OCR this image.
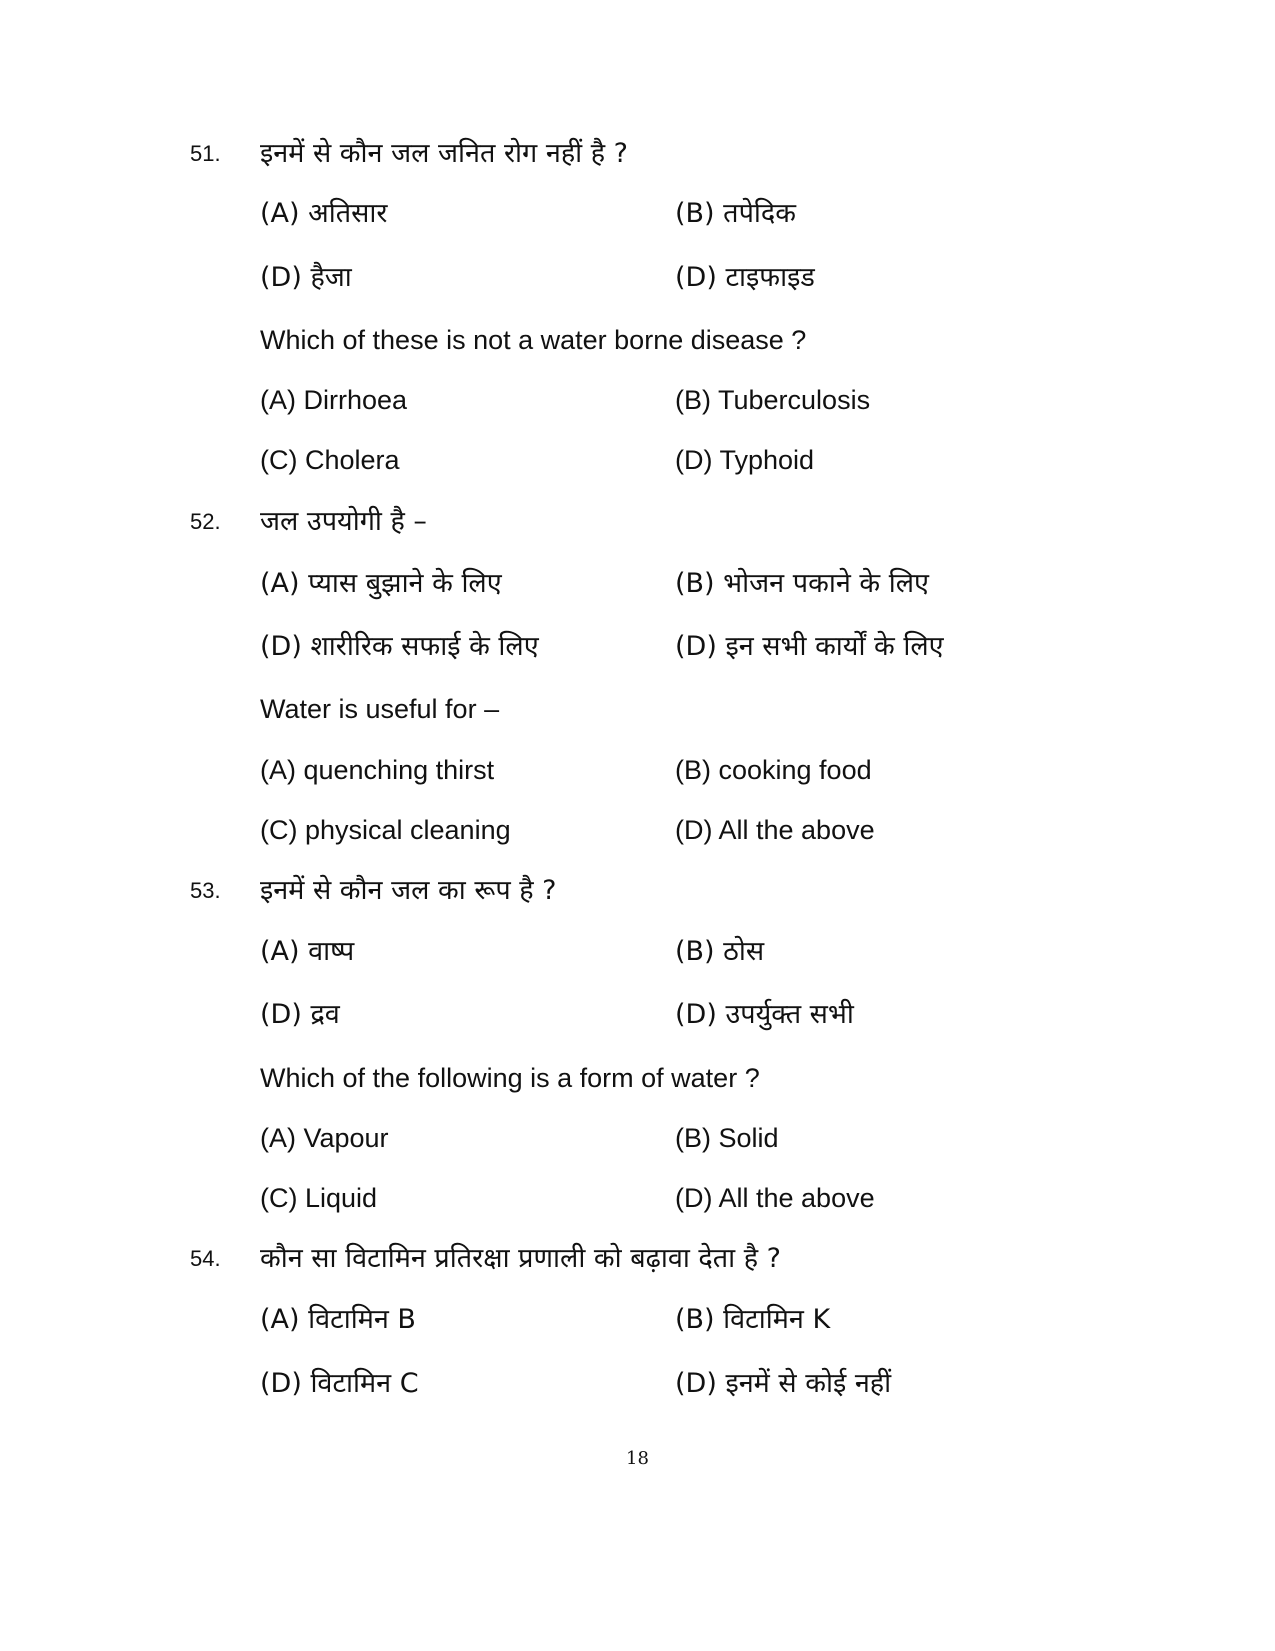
51. इनमें से कौन जल जनित रोग नहीं है ?
(A) अतिसार	(B) तपेदिक
(D) हैजा	(D) टाइफाइड
Which of these is not a water borne disease ?
(A) Dirrhoea	(B) Tuberculosis
(C) Cholera	(D) Typhoid
52. जल उपयोगी है –
(A) प्यास बुझाने के लिए	(B) भोजन पकाने के लिए
(D) शारीरिक सफाई के लिए	(D) इन सभी कार्यों के लिए
Water is useful for –
(A) quenching thirst	(B) cooking food
(C) physical cleaning	(D) All the above
53. इनमें से कौन जल का रूप है ?
(A) वाष्प	(B) ठोस
(D) द्रव	(D) उपर्युक्त सभी
Which of the following is a form of water ?
(A) Vapour	(B) Solid
(C) Liquid	(D) All the above
54. कौन सा विटामिन प्रतिरक्षा प्रणाली को बढ़ावा देता है ?
(A) विटामिन B	(B) विटामिन K
(D) विटामिन C	(D) इनमें से कोई नहीं
18
